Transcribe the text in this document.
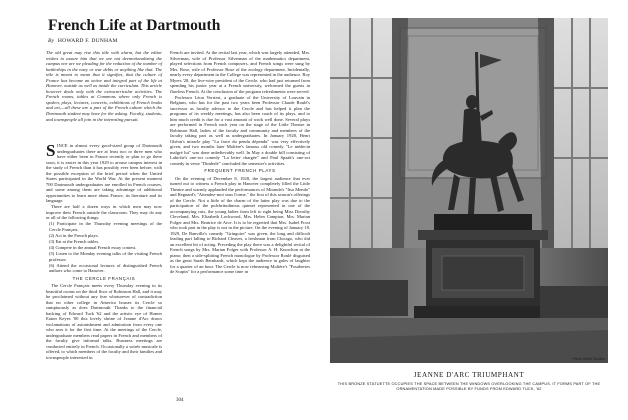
French Life at Dartmouth
By HOWARD F. DUNHAM

The old great may rise this title with alarm, but the editor wishes to assure him that we are not deemotionalizing the campus nor are we pleading for the reduction of the number of battleships in the navy or war debts or anything like that. The title is meant to mean that it signifies, that the culture of France has become an active and integral part of the life at Hanover, outside as well as inside the curriculum. This article however deals only with the extracurricular activities. The French rooms, tables at Commons where only French is spoken, plays, lectures, concerts, exhibitions of French books and art,—all these are a part of the French culture which the Dartmouth student may have for the asking. Faculty, students, and townspeople all join in the interesting pursuit.

SINCE in almost every good-sized group of Dartmouth undergraduates there are at least two or three men who have either been in France recently or plan to go there soon, it is easier in this year 1929 to arouse campus interest in the study of French than it has possibly ever been before, with the possible exception of the brief period when the United States participated in the World War. At the present moment 700 Dartmouth undergraduates are enrolled in French courses, and some among them are taking advantage of additional opportunities to learn more about France, its literature and its language.

There are half a dozen ways in which men may now improve their French outside the classroom. They may do any or all of the following things:

(1) Participate in the Thursday evening meetings of the Cercle Français.

(2) Act in the French plays.

(3) Eat at the French tables.

(4) Compete in the annual French essay contest.

(5) Listen to the Monday evening talks of the visiting French professor.

(6) Attend the occasional lectures of distinguished French authors who come to Hanover.

THE CERCLE FRANÇAIS

The Cercle Français meets every Thursday evening in its beautiful rooms on the third floor of Robinson Hall, and it may be proclaimed without any fear whatsoever of contradiction that no other college in America houses its Cercle so sumptuously as does Dartmouth. Thanks to the financial backing of Edward Tuck '62 and the artistic eye of Homer Eaton Keyes '00 this lovely shrine of Jeanne d'Arc draws exclamations of astonishment and admiration from every one who sees it for the first time. At the meetings of the Cercle, undergraduate members read papers in French and members of the faculty give informal talks. Business meetings are conducted entirely in French. Occasionally a soirée musicale is offered, to which members of the faculty and their families and townspeople interested in

French are invited. At the recital last year, which was largely attended, Mrs. Silverman, wife of Professor Silverman of the mathematics department, played selections from French composers, and French songs were sung by Mrs. Rose, wife of Professor Rose of the zoology department. Incidentally, nearly every department in the College was represented in the audience. Roy Myers '28, the live-wire president of the Cercle, who had just returned from spending his junior year at a French university, welcomed the guests in flawless French. At the conclusion of the program refreshments were served.

Professor Léon Verriest, a graduate of the University of Louvain in Belgium, who has for the past two years been Professor Claude Roulé's successor as faculty advisor to the Cercle and has helped it plan the programs of its weekly meetings, has also been coach of its plays, and to him much credit is due for a vast amount of work well done. Several plays are performed in French each year on the stage of the Little Theatre in Robinson Hall, ladies of the faculty and community and members of the faculty taking part as well as undergraduates. In January 1928, Henri Ghéon's miracle play "La farce du pendu dépendu" was very effectively given, and two months later Molière's famous old comedy "Le médecin malgré lui" was done unbelievably well. In May a double bill consisting of Labiche's one-act comedy "La lettre chargée" and Paul Spaak's one-act comedy in verse "Dinderlé" concluded the semester's activities.

FREQUENT FRENCH PLAYS

On the evening of December 8, 1928, the largest audience that ever turned out to witness a French play in Hanover completely filled the Little Theatre and warmly applauded the performances of Miranda's "Itsa Mendo" and Regnard's "Attendez-moi sous l'orme," the first of this season's offerings of the Cercle. Not a little of the charm of the latter play was due to the participation of the pulchritudinous quintet represented in one of the accompanying cuts, the young ladies from left to right being Miss Dorothy Cleveland, Mrs. Elizabeth Lockwood, Mrs. Helen Campion, Mrs. Marian Folger and Mrs. Beatrice de Arce. It is to be regretted that Mrs. Isabel Frost who took part in the play is not in the picture. On the evening of January 18, 1929, De Banville's comedy "Gringoire" was given, the long and difficult leading part falling to Richard Cleaves, a freshman from Chicago, who did an excellent bit of acting. Preceding the play there was a delightful recital of French songs by Mrs. Marian Folger with Professor A. H. Knowlton at the piano; then a side-splitting French monologue by Professor Roulé disguised as the great Sarah Bernhardt, which kept the audience in gales of laughter for a quarter of an hour. The Cercle is now rehearsing Molière's "Fourberies de Scapin" for a performance some time in

304
Photo White Studios
JEANNE D'ARC TRIUMPHANT
THIS BRONZE STATUETTE OCCUPIES THE SPACE BETWEEN THE WINDOWS OVERLOOKING THE CAMPUS. IT FORMS PART OF THE ORNAMENTATION MADE POSSIBLE BY FUNDS FROM EDWARD TUCK, '62
